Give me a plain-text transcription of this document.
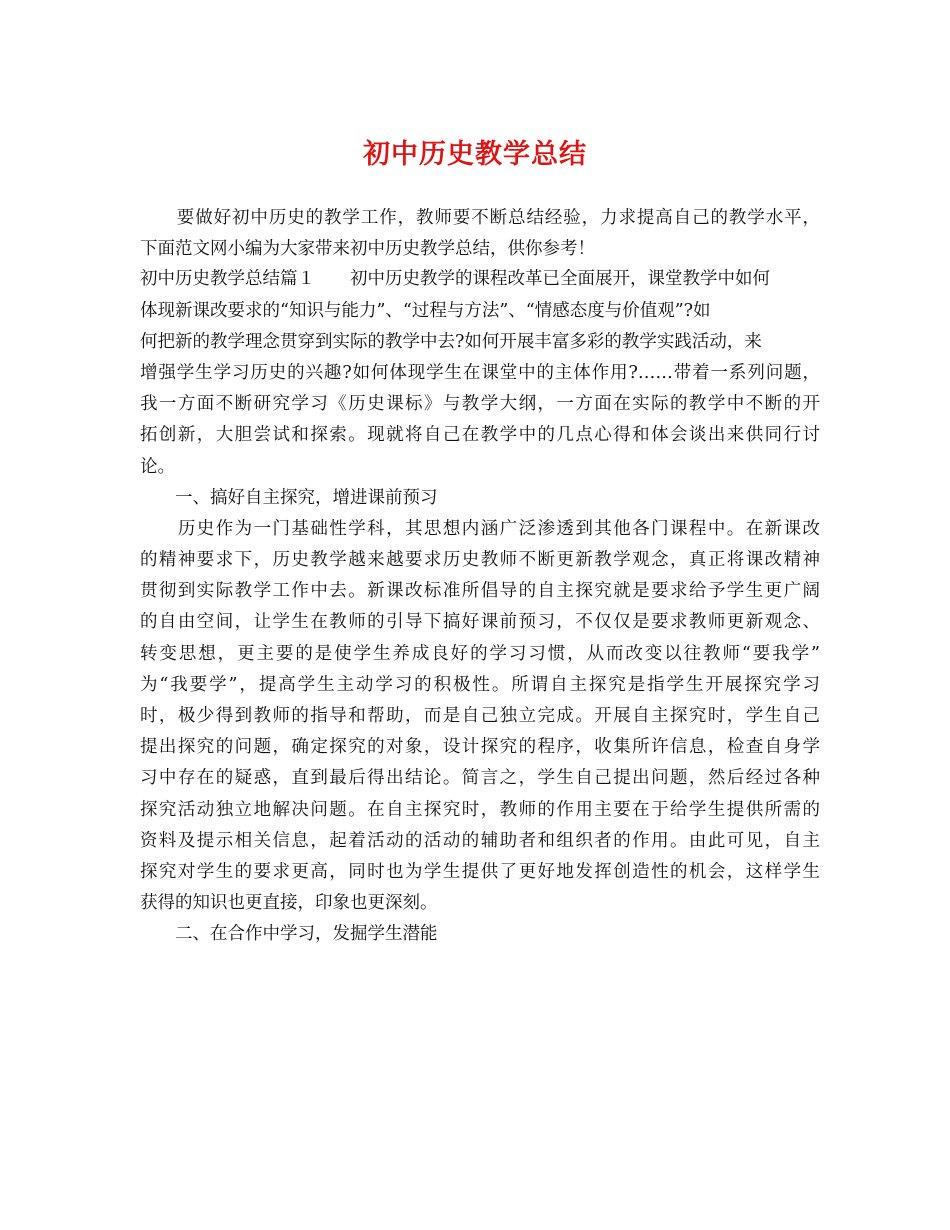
初中历史教学总结
　　要做好初中历史的教学工作，教师要不断总结经验，力求提高自己的教学水平，
下面范文网小编为大家带来初中历史教学总结，供你参考！
初中历史教学总结篇１　　初中历史教学的课程改革已全面展开，课堂教学中如何
体现新课改要求的“知识与能力”、“过程与方法”、“情感态度与价值观”?如
何把新的教学理念贯穿到实际的教学中去?如何开展丰富多彩的教学实践活动，来
增强学生学习历史的兴趣?如何体现学生在课堂中的主体作用?……带着一系列问题，
我一方面不断研究学习《历史课标》与教学大纲，一方面在实际的教学中不断的开
拓创新，大胆尝试和探索。现就将自己在教学中的几点心得和体会谈出来供同行讨
论。
　　一、搞好自主探究，增进课前预习
　　历史作为一门基础性学科，其思想内涵广泛渗透到其他各门课程中。在新课改
的精神要求下，历史教学越来越要求历史教师不断更新教学观念，真正将课改精神
贯彻到实际教学工作中去。新课改标准所倡导的自主探究就是要求给予学生更广阔
的自由空间，让学生在教师的引导下搞好课前预习，不仅仅是要求教师更新观念、
转变思想，更主要的是使学生养成良好的学习习惯，从而改变以往教师“要我学”
为“我要学”，提高学生主动学习的积极性。所谓自主探究是指学生开展探究学习
时，极少得到教师的指导和帮助，而是自己独立完成。开展自主探究时，学生自己
提出探究的问题，确定探究的对象，设计探究的程序，收集所许信息，检查自身学
习中存在的疑惑，直到最后得出结论。简言之，学生自己提出问题，然后经过各种
探究活动独立地解决问题。在自主探究时，教师的作用主要在于给学生提供所需的
资料及提示相关信息，起着活动的活动的辅助者和组织者的作用。由此可见，自主
探究对学生的要求更高，同时也为学生提供了更好地发挥创造性的机会，这样学生
获得的知识也更直接，印象也更深刻。
　　二、在合作中学习，发掘学生潜能
